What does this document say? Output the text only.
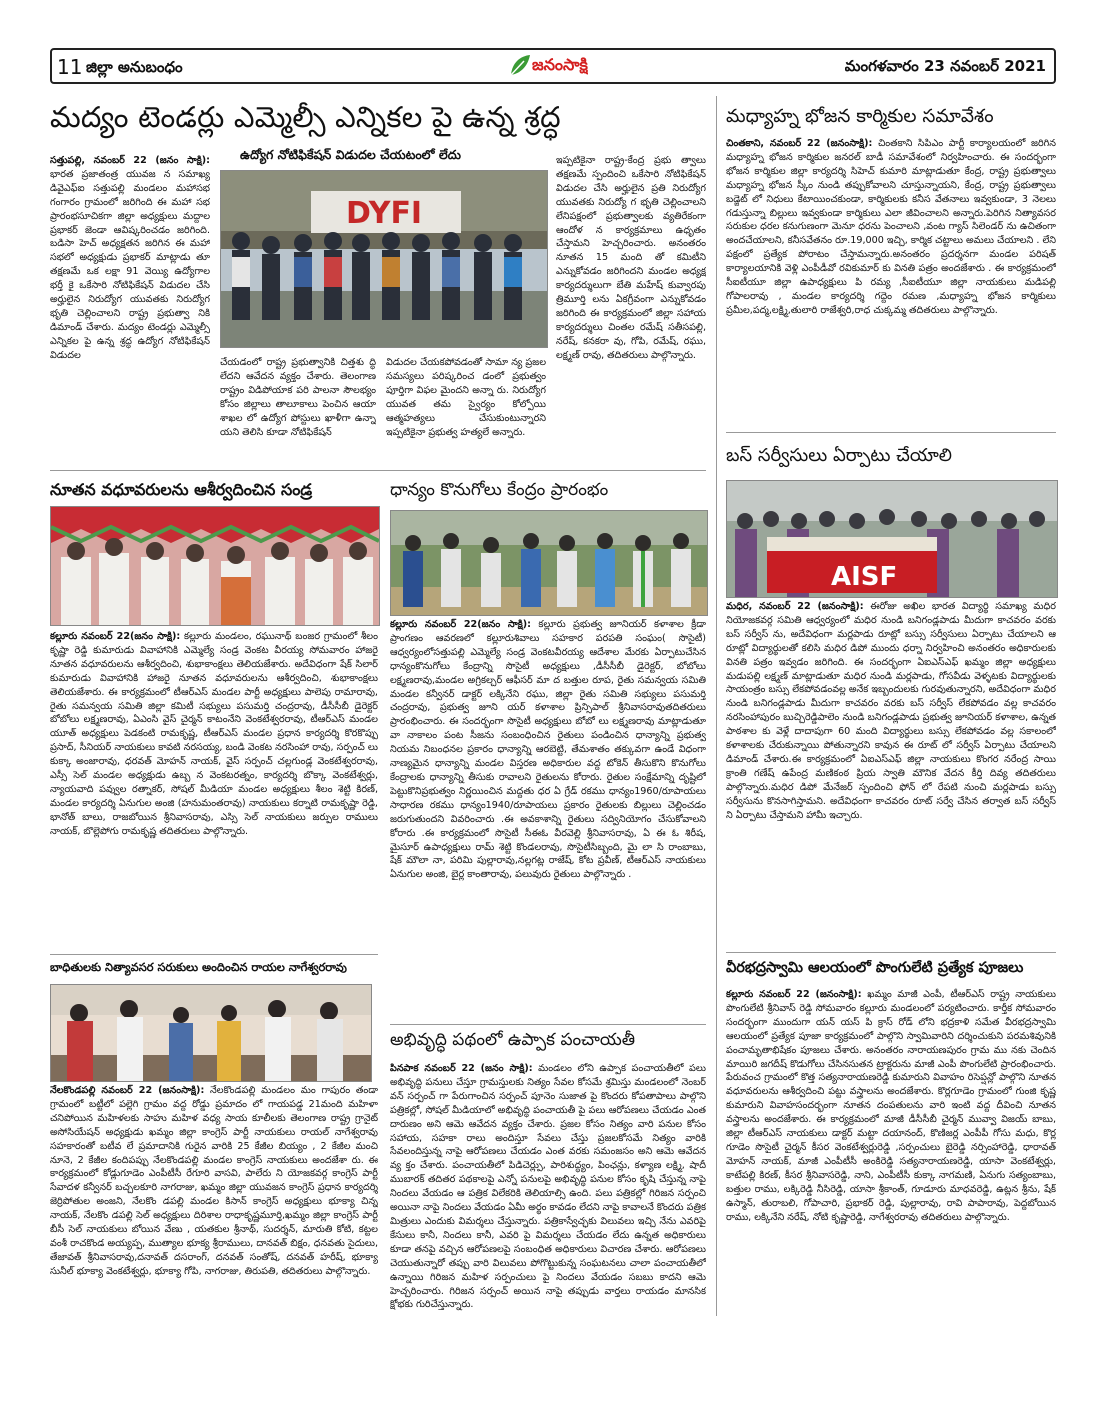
11 జిల్లా అనుబంధం	జనంసాక్షి	మంగళవారం 23 నవంబర్ 2021
మద్యం టెండర్లు ఎమ్మెల్సీ ఎన్నికల పై ఉన్న శ్రద్ధ
ఉద్యోగ నోటిఫికేషన్ విడుదల చేయటంలో లేదు
DYFI
సత్తుపల్లి, నవంబర్ 22 (జనం సాక్షి): భారత ప్రజాతంత్ర యువజ న సమాఖ్య డివైఎఫ్ఐ సత్తుపల్లి మండలం మహాసభ గంగారం గ్రామంలో జరిగింది ఈ మహా సభ ప్రారంభసూచికగా జిల్లా అధ్యక్షులు మద్దాల ప్రభాకర్ జెండా ఆవిష్కరించడం జరిగింది. బడిసా హెచ్ అధ్యక్షతన జరిగిన ఈ మహా సభలో అధ్యక్షుడు ప్రభాకర్ మాట్లాడు తూ తక్షణమే ఒక లక్షా 91 వెయ్యి ఉద్యోగాల భర్తీ కై ఒకేసారి నోటిఫికేషన్ విడుదల చేసి అర్హులైన నిరుద్యోగ యువతకు నిరుద్యోగ భృతి చెల్లించాలని రాష్ట్ర ప్రభుత్వా నికి డిమాండ్ చేశారు. మద్యం టెండర్లు ఎమ్మెల్సీ ఎన్నికల పై ఉన్న శ్రద్ధ ఉద్యోగ నోటిఫికేషన్ విడుదల
చేయడంలో రాష్ట్ర ప్రభుత్వానికి చిత్తశు ద్ధి లేదని ఆవేదన వ్యక్తం చేశారు. తెలంగాణ రాష్ట్రం విడిపోయాక పరి పాలనా సౌలభ్యం కోసం జిల్లాలు తాలూకాలు పెంచిన ఆయా శాఖల లో ఉద్యోగ పోస్టులు ఖాళీగా ఉన్నా యని తెలిసి కూడా నోటిఫికేషన్
విడుదల చేయకపోవడంతో సామా న్య ప్రజల సమస్యలు పరిష్కరించ డంలో ప్రభుత్వం పూర్తిగా విఫల మైందని అన్నా రు. నిరుద్యోగ యువత తమ స్వైర్యం కోల్పోయి ఆత్మహత్యలు చేసుకుంటున్నారని ఇప్పటికైనా ప్రభుత్వ హత్యలే అన్నారు.
ఇప్పటికైనా రాష్ట్ర-కేంద్ర ప్రభు త్వాలు తక్షణమే స్పందించి ఒకేసారి నోటిఫికేషన్ విడుదల చేసి అర్హులైన ప్రతి నిరుద్యోగ యువతకు నిరుద్యో గ భృతి చెల్లించాలని లేనిపక్షంలో ప్రభుత్వాలకు వ్యతిరేకంగా ఆందోళ న కార్యక్రమాలు ఉధృతం చేస్తామని హెచ్చరించారు. అనంతరం నూతన 15 మంది తో కమిటీని ఎన్నుకోవడం జరిగిందని మండల అధ్యక్ష కార్యదర్శులుగా బేతి మహేష్ కువ్వారపు త్రిమూర్తి లను ఏకగ్రీవంగా ఎన్నుకోవడం జరిగింది ఈ కార్యక్రమంలో జిల్లా సహాయ కార్యదర్శులు చింతల రమేష్ సతీసపల్లి, నరేష్, కనకరా వు, గోపి, రమేష్, రఘు, లక్ష్మణ్ రావు, తదితరులు పాల్గొన్నారు.
మధ్యాహ్న భోజన కార్మికుల సమావేశం
చింతకాని, నవంబర్ 22 (జనంసాక్షి): చింతకాని సిపిఎం పార్టీ కార్యాలయంలో జరిగిన మధ్యాహ్న భోజన కార్మికుల జనరల్ బాడీ సమావేశంలో నిర్వహించారు. ఈ సందర్భంగా భోజన కార్మికుల జిల్లా కార్యదర్శి సిహెచ్ కుమారి మాట్లాడుతూ కేంద్ర, రాష్ట్ర ప్రభుత్వాలు మధ్యాహ్న భోజన స్కీం నుండి తప్పుకోవాలని చూస్తున్నాయని, కేంద్ర, రాష్ట్ర ప్రభుత్వాలు బడ్జెట్ లో నిధులు కేటాయించకుండా, కార్మికులకు కనీస వేతనాలు ఇవ్వకుండా, 3 నెలలు గడుస్తున్నా బిల్లులు ఇవ్వకుండా కార్మికులు ఎలా జీవించాలని అన్నారు.పెరిగిన నిత్యావసర సరుకుల ధరల కనుగుణంగా మెనూ ధరను పెంచాలని ,వంట గ్యాస్ సిలెండర్ ను ఉచితంగా అందచేయాలని, కనీసవేతనం రూ.19,000 ఇచ్చి, కార్మిక చట్టాలు అమలు చేయాలని . లేని పక్షంలో ప్రత్యేక పోరాటం చేస్తామన్నారు.అనంతరం ప్రదర్శనగా మండల పరిషత్ కార్యాలయానికి వెళ్లి ఎంపీడీవో రవికుమార్ కు వినతి పత్రం అందజేశారు . ఈ కార్యక్రమంలో సీఐటీయూ జిల్లా ఉపాధ్యక్షులు పి రమ్య ,సీఐటీయూ జిల్లా నాయకులు మడిపల్లి గోపాలరావు , మండల కార్యదర్శి గద్దెం రమణ ,మధ్యాహ్న భోజన కార్మికులు ప్రమీల,పద్మ,లక్ష్మి,తులారి రాజేశ్వరి,రాధ చుక్కమ్మ తదితరులు పాల్గొన్నారు.
బస్ సర్వీసులు ఏర్పాటు చేయాలి
AISF
మధిర, నవంబర్ 22 (జనంసాక్షి): ఈరోజు అఖిల భారత విద్యార్థి సమాఖ్య మధిర నియోజకవర్గ సమితి ఆధ్వర్యంలో మధిర నుండి బనిగండ్లపాడు మీదుగా కాచవరం వరకు బస్ సర్వీస్ ను, అదేవిధంగా మర్లపాడు రూట్లో బస్సు సర్వీసులు ఏర్పాటు చేయాలని ఆ రూట్లో విద్యార్థులతో కలిసి మధిర డిపో ముందు ధర్నా నిర్వహించి అనంతరం అధికారులకు వినతి పత్రం ఇవ్వడం జరిగింది. ఈ సందర్భంగా ఏఐఎస్ఎఫ్ ఖమ్మం జిల్లా అధ్యక్షులు మడుపల్లి లక్ష్మణ్ మాట్లాడుతూ మధిర నుండి మర్లపాడు, గోసవీడు వెళ్ళటకు విద్యార్థులకు సాయంత్రం బస్సు లేకపోవడంవల్ల అనేక ఇబ్బందులకు గురవుతున్నారని, అదేవిధంగా మధిర నుండి బనిగండ్లపాడు మీదుగా కాచవరం వరకు బస్ సర్వీస్ లేకపోవడం వల్ల కాచవరం నరసింహాపురం బుచ్చిరెడ్డిపాలెం నుండి బనిగండ్లపాడు ప్రభుత్వ జూనియర్ కళాశాల, ఉన్నత పాఠశాల కు వెళ్లే దాదాపుగా 60 మంది విద్యార్థులు బస్సు లేకపోవడం వల్ల సకాలంలో కళాశాలకు చేరుకున్నాయి పోతున్నారని కావున ఈ రూట్ లో సర్వీస్ ఏర్పాటు చేయాలని డిమాండ్ చేశారు.ఈ కార్యక్రమంలో ఏఐఎస్ఎఫ్ జిల్లా నాయకులు కొంగర నరేంద్ర సాయి క్రాంతి గణేష్ ఉపేంద్ర మణికంఠ ప్రియ స్వాతి మౌనిక వేదన కీర్తి దివ్య తదితరులు పాల్గొన్నారు.మధిర డిపో మేనేజర్ స్పందించి ఫోన్ లో రేపటి నుంచి మర్లపాడు బస్సు సర్వీసును కొనసాగిస్తామని. అదేవిధంగా కాచవరం రూట్ సర్వే చేసిన తర్వాత బస్ సర్వీస్ ని ఏర్పాటు చేస్తామని హామీ ఇచ్చారు.
వీరభద్రస్వామి ఆలయంలో పొంగులేటి ప్రత్యేక పూజలు
కల్లూరు నవంబర్ 22 (జనంసాక్షి): ఖమ్మం మాజీ ఎంపీ, టీఆర్ఎస్ రాష్ట్ర నాయకులు పొంగులేటి శ్రీనివాస్ రెడ్డి సోమవారం కల్లూరు మండలంలో పర్యటించారు. కార్తీక సోమవారం సందర్భంగా ముందుగా యన్ యస్ పి క్రాస్ రోడ్ లోని భద్రకాళి సమేత వీరభద్రస్వామి ఆలయంలో ప్రత్యేక పూజా కార్యక్రమంలో పాల్గొని స్వామివారిని దర్శించుకుని పరమశివునికి పంచామృతాభిషేకం పూజలు చేశారు. అనంతరం నారాయణపురం గ్రామ ము నకు చెందిన మాయిరి జగదీష్ కొడుగోలు చేసినసుతన ట్రాక్టరును మాజీ ఎంపీ పొంగులేటి ప్రారంభించారు. పేరువంచ గ్రామంలో కొత్త సత్యనారాయణరెడ్డి కుమారుని వివాహం రిసెప్షన్లో పాల్గొని నూతన వధూవరులను ఆశీర్వదించి పట్టు వస్త్రాలను అందజేశారు. కొర్లగూడెం గ్రామంలో గుంజి కృష్ణ కుమారుని వివాహసందర్భంగా నూతన దంపతులను వారి ఇంటి వద్ద దీవించి నూతన వస్త్రాలను అందజేశారు. ఈ కార్యక్రమంలో మాజీ డీసీసీబీ చైర్మన్ మువ్వా విజయ్ బాబు, జిల్లా టీఆర్ఎస్ నాయకులు డాక్టర్ మట్టా దయానంద్, కొణిజర్ల ఎంపీపీ గోసు మధు, కొర్ల గూడెం సొసైటీ చైర్మన్ కీసర వెంకటేశ్వర్లురెడ్డి ,సర్పంచులు బైరెడ్డి నర్సింహారెడ్డి, ధారావత్ మోహన్ నాయక్, మాజీ ఎంపీటీసీ అంకిరెడ్డి సత్యనారాయణరెడ్డి, యాసా వెంకటేశ్వర్లు, కాటేపల్లి కిరణ్, కీసర శ్రీనివాసరెడ్డి, నాని, ఎంపీటీసీ కుక్కా నాగమణి, ఏనుగు సత్యంబాబు, బత్తుల రాము, లక్కిరెడ్డి నీసిరెడ్డి, యాసా శ్రీకాంత్, గూడూరు మాధవరెడ్డి, ఉట్లన శ్రీను, షేక్ ఉస్మాన్, తురాబలి, గోపాచారి, ప్రభాకర్ రెడ్డి, పుల్లారావు, రావి పాపారావు, పెద్దబోయిన రాము, లక్కినేని నరేష్, నోటి కృష్ణారెడ్డి, నాగేశ్వరరావు తదితరులు పాల్గొన్నారు.
నూతన వధూవరులను ఆశీర్వదించిన సండ్ర
కల్లూరు నవంబర్ 22(జనం సాక్షి): కల్లూరు మండలం, రఘునాథ్ బంజర గ్రామంలో శీలం కృష్ణా రెడ్డి కుమారుడు వివాహానికి ఎమ్మెల్యే సండ్ర వెంకట వీరయ్య సోమవారం హాజరై నూతన వధూవరులను ఆశీర్వదించి, శుభాకాంక్షలు తెలియజేశారు. అదేవిధంగా షేక్ సిలార్ కుమారుడు వివాహానికి హాజరై నూతన వధూవరులను ఆశీర్వదించి, శుభాకాంక్షలు తెలియజేశారు. ఈ కార్యక్రమంలో టీఆర్ఎస్ మండల పార్టీ అధ్యక్షులు పాలెపు రామారావు, రైతు సమన్వయ సమితి జిల్లా కమిటీ సభ్యులు పసుమర్తి చంద్రరావు, డీసీసీబీ డైరెక్టర్ బోబోలు లక్ష్మణరావు, ఏఎంసి వైస్ చైర్మన్ కాటంనేని వెంకటేశ్వరరావు, టీఆర్ఎస్ మండల యూత్ అధ్యక్షులు పెడకంటి రామకృష్ణ, టీఆర్ఎస్ మండల ప్రధాన కార్యదర్శి కొరకొప్పు ప్రసాద్, సీనియర్ నాయకులు కావటి నరసయ్య, బండి వెంకట నరసింహా రావు, సర్పంచ్ లు కుక్కా అంజారావు, ధరవత్ మోహన్ నాయక్, వైస్ సర్పంచ్ చల్లగుండ్ల వెంకటేశ్వరరావు, ఎస్సీ సెల్ మండల అధ్యక్షుడు ఉబ్బ న వెంకటరత్నం, కార్యదర్శి బొక్కా వెంకటేశ్వర్లు, న్యాయవాది పవ్వుల రత్నాకర్, సోషల్ మీడియా మండల అధ్యక్షులు శీలం శెట్టి కిరణ్, మండల కార్యదర్శి ఏనుగుల అంజి (హనుమంతరావు) నాయకులు కర్నాటి రామకృష్ణా రెడ్డి, భానోత్ బాలు, రాజబోయిన శ్రీనివాసరావు, ఎస్సి సెల్ నాయకులు జర్పుల రాములు నాయక్, బొల్లెపోగు రామకృష్ణ తదితరులు పాల్గొన్నారు.
ధాన్యం కొనుగోలు కేంద్రం ప్రారంభం
కల్లూరు నవంబర్ 22(జనం సాక్షి): కల్లూరు ప్రభుత్వ జూనియర్ కళాశాల క్రీడా ప్రాంగణం ఆవరణలో కల్లూరుశివాలు సహకార పరపతి సంఘం( సొసైటీ) ఆధ్వర్యంలోసత్తుపల్లి ఎమ్మెల్యే సండ్ర వెంకటవీరయ్య ఆదేశాల మేరకు ఏర్పాటుచేసిన ధాన్యంకొనుగోలు కేంద్రాన్ని సొసైటీ అధ్యక్షులు ,డీసీసీబీ డైరెక్టర్, బోబోలు లక్ష్మణరావు,మండల అగ్రికల్చర్ ఆఫీసర్ మా ద బత్తుల రూప, రైతు సమన్వయ సమితి మండల కన్వీనర్ డాక్టర్ లక్కినేని రఘు, జిల్లా రైతు సమితి సభ్యులు పసుమర్తి చంద్రరావు, ప్రభుత్వ జూని యర్ కళాశాల ప్రిన్సిపాల్ శ్రీనివాసరావుతదితరులు ప్రారంభించారు. ఈ సందర్భంగా సొసైటీ అధ్యక్షులు బోబో లు లక్ష్మణరావు మాట్లాడుతూ వా నాకాలం పంట సీజను సంబంధించిన రైతులు పండించిన ధాన్యాన్ని ప్రభుత్వ నియమ నిబంధనల ప్రకారం ధాన్యాన్ని ఆరబెట్టి, తేమశాతం తక్కువగా ఉండే విధంగా నాణ్యమైన ధాన్యాన్ని మండల విస్తరణ అధికారుల వద్ద టోకెన్ తీసుకొని కొనుగోలు కేంద్రాలకు ధాన్యాన్ని తీసుకు రావాలని రైతులను కోరారు. రైతుల సంక్షేమాన్ని దృష్టిలో పెట్టుకొనిప్రభుత్వం నిర్ణయించిన మద్దతు ధర ఏ గ్రేడ్ రకము ధాన్యం1960/రూపాయలు సాధారణ రకము ధాన్యం1940/రూపాయలు ప్రకారం రైతులకు బిల్లులు చెల్లించడం జరుగుతుందని వివరించారు .ఈ అవకాశాన్ని రైతులు సద్వినియోగం చేసుకోవాలని కోరారు .ఈ కార్యక్రమంలో సొసైటీ సీఈఓ వీరవెల్లి శ్రీనివాసరావు, ఏ ఈ ఓ శిరీష, మైసూర్ ఉపాధ్యక్షులు రామ్ శెట్టి కొండలరావు, సొసైటీసిబ్బంది, మై లా సి రాంబాబు, షేక్ మౌలా నా, పరిమి పుల్లారావు,నల్లగట్ల రాజేష్, కోట ప్రవీణ్, టీఆర్ఎస్ నాయకులు ఏనుగుల అంజి, బైర్ల కాంతారావు, పలువురు రైతులు పాల్గొన్నారు .
బాధితులకు నిత్యావసర సరుకులు అందించిన రాయల నాగేశ్వరరావు
నేలకొండపల్లి నవంబర్ 22 (జనంసాక్షి): నేలకొండపల్లి మండలం మం గాపురం తండా గ్రామంలో బట్టీలో పల్లెగి గ్రామం వద్ద రోడ్డు ప్రమాదం లో గాయపడ్డ 21మంది మహిళా చనిపోయిన మహిళలకు సాహు మహిళ వధ్య సాయ కూలీలకు తెలంగాణ రాష్ట్ర గ్రానైట్ అసోసియేషన్ అధ్యక్షుడు ఖమ్మం జిల్లా కాంగ్రెస్ పార్టీ నాయకులు రాయల్ నాగేశ్వరావు సహకారంతో బటీవ లే ప్రమాదానికి గురైన వారికి 25 కేజీల బియ్యం , 2 కేజీల మంచి నూనె, 2 కేజీల కందిపప్పు నేలకొండపల్లి మండల కాంగ్రెస్ నాయకులు అందజేశా రు. ఈ కార్యక్రమంలో కోడ్లుగూడెం ఎంపీటీసీ రేగూరి వాసవి, పాలేరు ని యోజకవర్గ కాంగ్రెస్ పార్టీ సేవాదళ కన్వీనర్ బచ్చలకూరి నాగరాజు, ఖమ్మం జిల్లా యువజన కాంగ్రెస్ ప్రధాన కార్యదర్శి జెర్రిపోతుల అంజని, నేలకొం డపల్లి మండల కిసాన్ కాంగ్రెస్ అధ్యక్షులు భూక్యా చిన్న నాయక్, నేలకొం డపల్లి సెల్ అధ్యక్షులు దిరిశాల రాధాకృష్ణమూర్తి,ఖమ్మం జిల్లా కాంగ్రెస్ పార్టీ బీసీ సెల్ నాయకులు బోయిన వేణు , యతకుల శ్రీనాథ్, సుదర్శన్, మారుతి కోటి, కట్టల వంశీ రాచకొండ అయ్యప్ప, ముత్యాల భూక్య శ్రీరాములు, దానవత్ బిక్షం, ధనవతు సైదులు, తేజావత్ శ్రీనివాసరావు,దనావత్ దసరాంగ్, దనవత్ సంతోష్, దనవత్ హరీష్, భూక్యా సునీల్ భూక్యా వెంకటేశ్వర్లు, భూక్యా గోపి, నాగరాజు, తిరుపతి, తదితరులు పాల్గొన్నారు.
అభివృద్ధి పథంలో ఉప్పాక పంచాయతీ
పినపాక నవంబర్ 22 (జనం సాక్షి): మండలం లోని ఉప్పాక పంచాయతీలో పలు అభివృద్ధి పనులు చేస్తూ గ్రామస్తులకు నిత్యం సేవల కోసమే శ్రమిస్తు మండలంలో నెంబర్ వన్ సర్పంచ్ గా పేరుగాంచిన సర్పంచ్ పూనెం సుజాత పై కొందరు కోపతాపాలు పాల్గొని పత్రికల్లో, సోషల్ మీడియాలో అభివృద్ధి పంచాయతీ పై పలు ఆరోపణలు చేయడం ఎంత దారుణం అని ఆమె ఆవేదన వ్యక్తం చేశారు. ప్రజల కోసం నిత్యం వారి పనుల కోసం సహాయ, సహకా రాలు అందిస్తూ సేవలు చేస్తు ప్రజలకోసమే నిత్యం వారికి సేవలందిస్తున్న నాపై ఆరోపణలు చేయడం ఎంత వరకు సమంజసం అని ఆమె ఆవేదన వ్య క్తం చేశారు. పంచాయతీలో పిడిచెర్ల్పు, పారిశుద్ధ్యం, పింఛన్లు, కళ్యాణ లక్ష్మి, షాదీ ముబారక్ తదితర పథకాలపై ఎన్నో పనులపై అభివృద్ధి పనుల కోసం కృషి చేస్తున్న నాపై నిందలు వేయడం ఆ పత్రిక విలేకరికి తెలియాల్సి ఉంది. పలు పత్రికల్లో గిరిజన సర్పంచి అయినా నాపై నిందలు వేయడం ఏమీ అర్థం కావడం లేదని నాపై కావాలనే కొందరు పత్రిక మిత్రులు ఎందుకు విమర్శలు చేస్తున్నారు. పత్రికాస్వేచ్ఛకు విలువలు ఇచ్చి నేను ఎవరిపై కేసులు కానీ, నిందలు కానీ, ఎవరి పై విమర్శలు చేయడం లేదు ఉన్నత అధికారులు కూడా తనపై వచ్చిన ఆరోపణలపై సంబంధిత అధికారులు విచారణ చేశారు. ఆరోపణలు చెయుతున్నారో తప్పు వారి విలువలు పోగొట్టుకున్న సంఘటనలు చాలా పంచాయతీలో ఉన్నాయి గిరిజన మహిళ సర్పంచులు పై నిందలు వేయడం సబబు కాదని ఆమె హెచ్చరించారు. గిరిజన సర్పంచ్ అయిన నాపై తప్పుడు వార్తలు రాయడం మానసిక క్షోభకు గురిచేస్తున్నారు.
